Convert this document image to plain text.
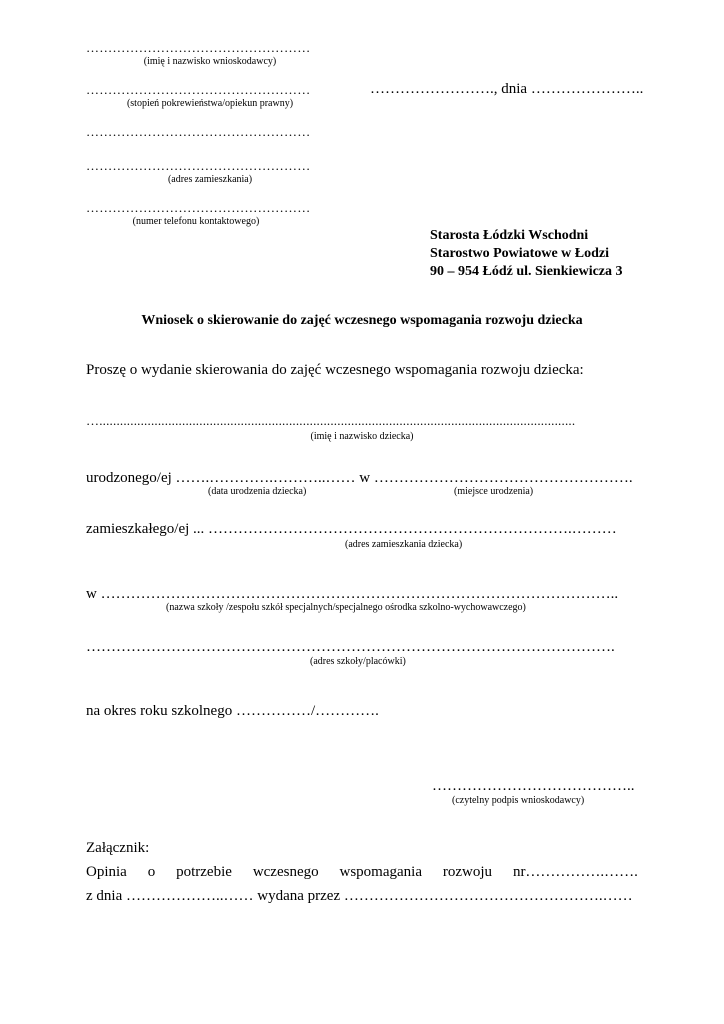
……………………………………………
(imię i nazwisko wnioskodawcy)
……………………………………………
(stopień pokrewieństwa/opiekun prawny)
……………………., dnia …………………..
……………………………………………
……………………………………………
(adres zamieszkania)
……………………………………………
(numer telefonu kontaktowego)
Starosta Łódzki Wschodni
Starostwo Powiatowe w Łodzi
90 – 954 Łódź ul. Sienkiewicza 3
Wniosek o skierowanie do zajęć wczesnego wspomagania rozwoju dziecka
Proszę o wydanie skierowania do zajęć wczesnego wspomagania rozwoju dziecka:
…..........................................................................................................................................
(imię i nazwisko dziecka)
urodzonego/ej …….………….………..…… w …………………………………………….
(data urodzenia dziecka)	(miejsce urodzenia)
zamieszkałego/ej ... ……………………………………………………………….………
(adres zamieszkania dziecka)
w …………………………………………………………………………………………..
(nazwa szkoły /zespołu szkół specjalnych/specjalnego ośrodka szkolno-wychowawczego)
…………………………………………………………………………………………….
(adres szkoły/placówki)
na okres roku szkolnego ……………/………….
…………………………………..
(czytelny podpis wnioskodawcy)
Załącznik:
Opinia o potrzebie wczesnego wspomagania rozwoju nr…………….…….
z dnia ………………..…… wydana przez …………………………………………….……
